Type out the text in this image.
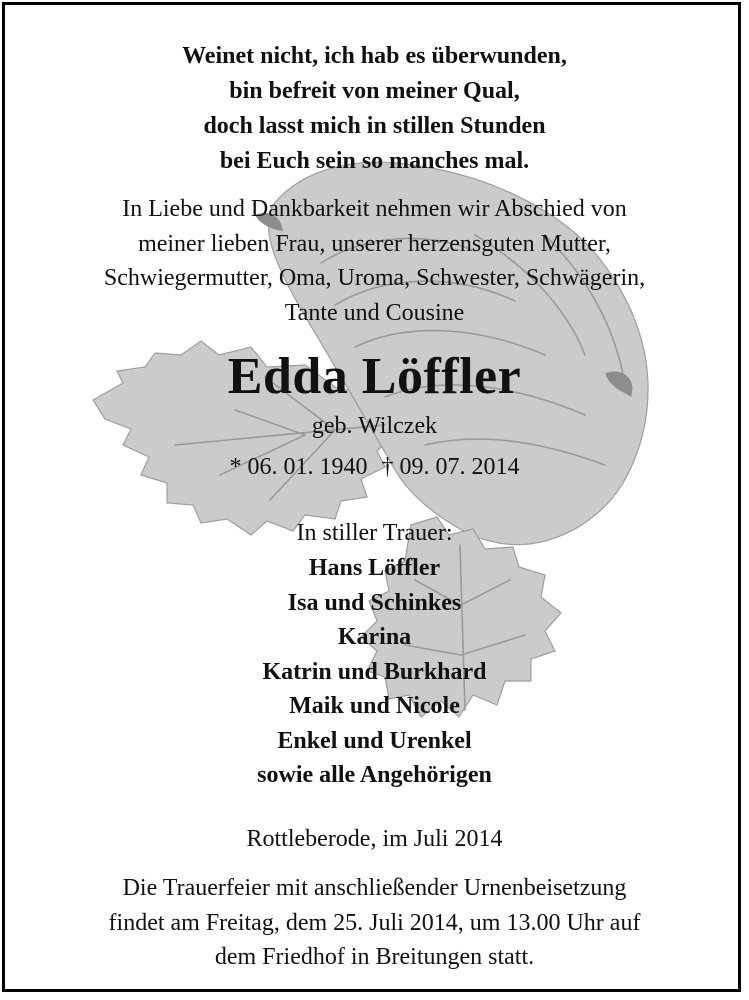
Weinet nicht, ich hab es überwunden,
bin befreit von meiner Qual,
doch lasst mich in stillen Stunden
bei Euch sein so manches mal.
In Liebe und Dankbarkeit nehmen wir Abschied von
meiner lieben Frau, unserer herzensguten Mutter,
Schwiegermutter, Oma, Uroma, Schwester, Schwägerin,
Tante und Cousine
Edda Löffler
geb. Wilczek
* 06. 01. 1940 † 09. 07. 2014
In stiller Trauer:
Hans Löffler
Isa und Schinkes
Karina
Katrin und Burkhard
Maik und Nicole
Enkel und Urenkel
sowie alle Angehörigen
Rottleberode, im Juli 2014
Die Trauerfeier mit anschließender Urnenbeisetzung
findet am Freitag, dem 25. Juli 2014, um 13.00 Uhr auf
dem Friedhof in Breitungen statt.
